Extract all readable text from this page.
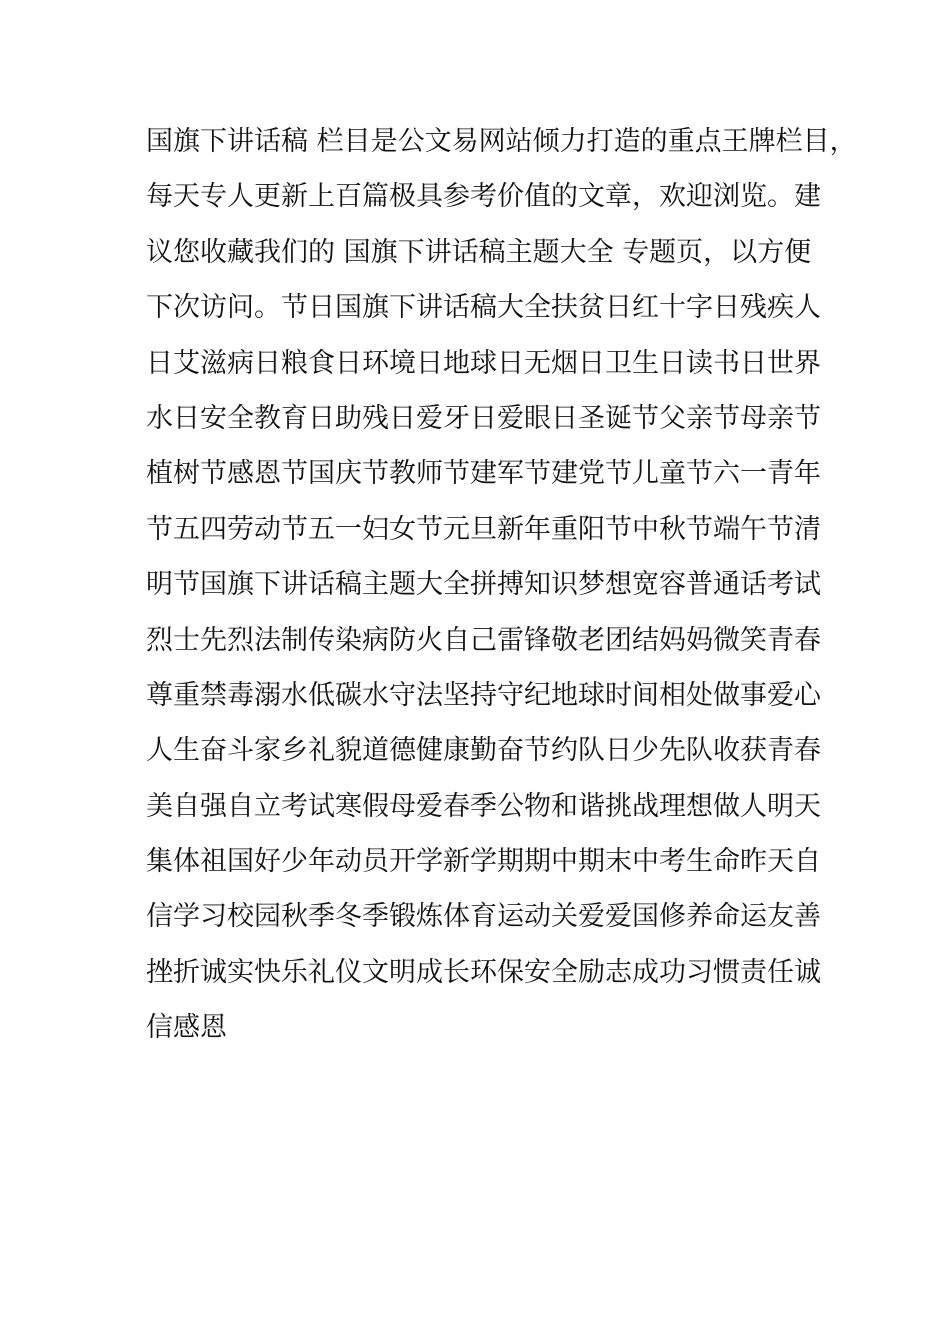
国旗下讲话稿 栏目是公文易网站倾力打造的重点王牌栏目，

每天专人更新上百篇极具参考价值的文章，欢迎浏览。建

议您收藏我们的 国旗下讲话稿主题大全 专题页，以方便

下次访问。节日国旗下讲话稿大全扶贫日红十字日残疾人

日艾滋病日粮食日环境日地球日无烟日卫生日读书日世界

水日安全教育日助残日爱牙日爱眼日圣诞节父亲节母亲节

植树节感恩节国庆节教师节建军节建党节儿童节六一青年

节五四劳动节五一妇女节元旦新年重阳节中秋节端午节清

明节国旗下讲话稿主题大全拼搏知识梦想宽容普通话考试

烈士先烈法制传染病防火自己雷锋敬老团结妈妈微笑青春

尊重禁毒溺水低碳水守法坚持守纪地球时间相处做事爱心

人生奋斗家乡礼貌道德健康勤奋节约队日少先队收获青春

美自强自立考试寒假母爱春季公物和谐挑战理想做人明天

集体祖国好少年动员开学新学期期中期末中考生命昨天自

信学习校园秋季冬季锻炼体育运动关爱爱国修养命运友善

挫折诚实快乐礼仪文明成长环保安全励志成功习惯责任诚

信感恩
